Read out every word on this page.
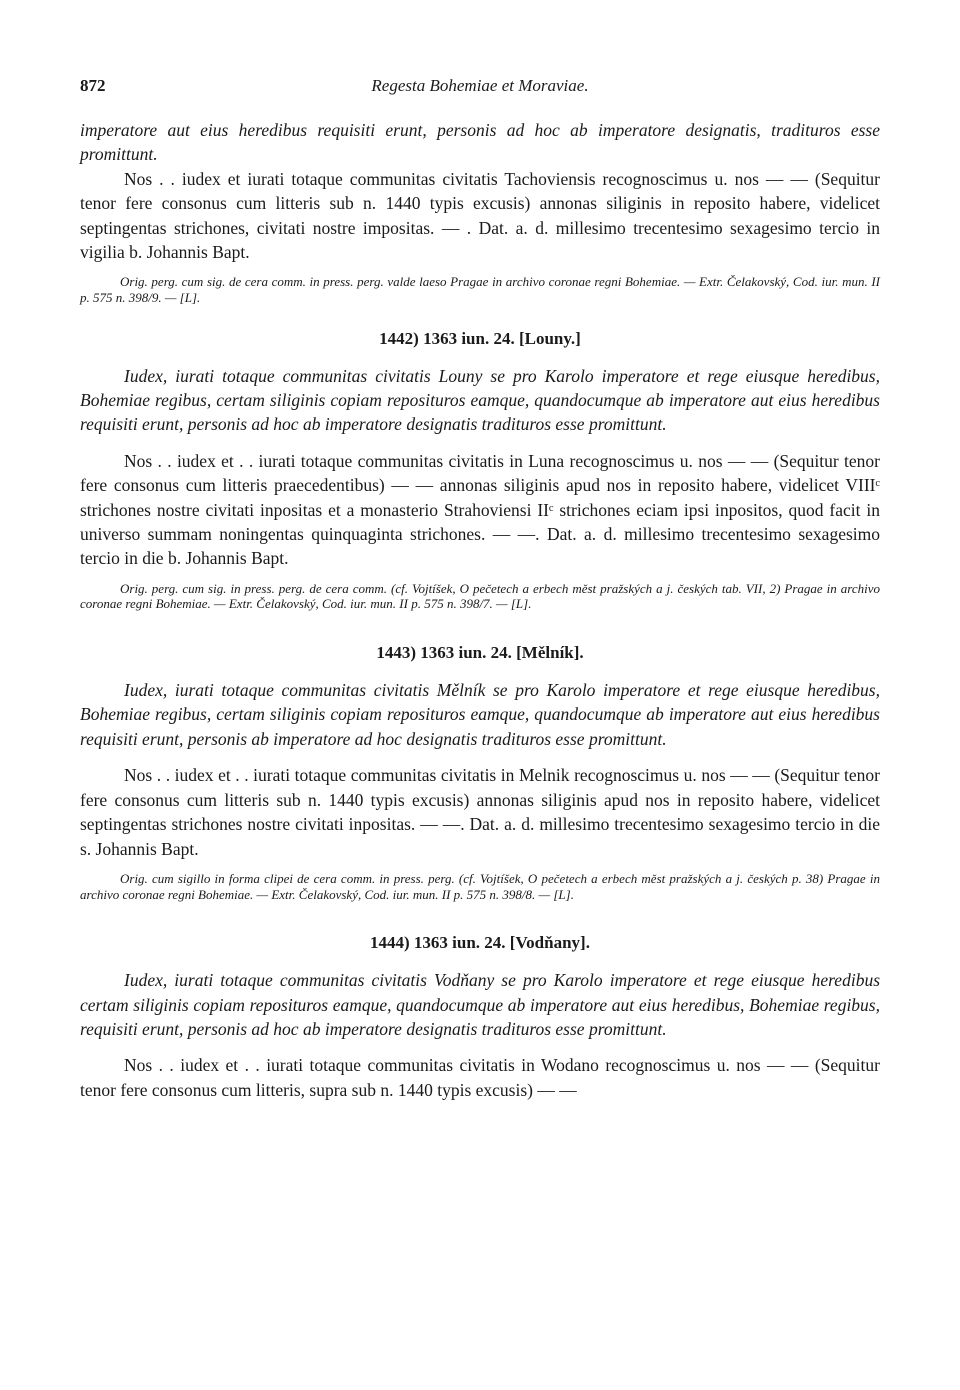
872	Regesta Bohemiae et Moraviae.

imperatore aut eius heredibus requisiti erunt, personis ad hoc ab imperatore designatis, tradituros esse promittunt.

Nos . . iudex et iurati totaque communitas civitatis Tachoviensis recognoscimus u. nos — — (Sequitur tenor fere consonus cum litteris sub n. 1440 typis excusis) annonas siliginis in reposito habere, videlicet septingentas strichones, civitati nostre impositas. — . Dat. a. d. millesimo trecentesimo sexagesimo tercio in vigilia b. Johannis Bapt.

Orig. perg. cum sig. de cera comm. in press. perg. valde laeso Pragae in archivo coronae regni Bohemiae. — Extr. Čelakovský, Cod. iur. mun. II p. 575 n. 398/9. — [L].

1442) 1363 iun. 24. [Louny.]

Iudex, iurati totaque communitas civitatis Louny se pro Karolo imperatore et rege eiusque heredibus, Bohemiae regibus, certam siliginis copiam reposituros eamque, quandocumque ab imperatore aut eius heredibus requisiti erunt, personis ad hoc ab imperatore designatis tradituros esse promittunt.

Nos . . iudex et . . iurati totaque communitas civitatis in Luna recognoscimus u. nos — — (Sequitur tenor fere consonus cum litteris praecedentibus) — — annonas siliginis apud nos in reposito habere, videlicet VIIIᶜ strichones nostre civitati inpositas et a monasterio Strahoviensi IIᶜ strichones eciam ipsi inpositos, quod facit in universo summam noningentas quinquaginta strichones. — —. Dat. a. d. millesimo trecentesimo sexagesimo tercio in die b. Johannis Bapt.

Orig. perg. cum sig. in press. perg. de cera comm. (cf. Vojtíšek, O pečetech a erbech měst pražských a j. českých tab. VII, 2) Pragae in archivo coronae regni Bohemiae. — Extr. Čelakovský, Cod. iur. mun. II p. 575 n. 398/7. — [L].

1443) 1363 iun. 24. [Mělník].

Iudex, iurati totaque communitas civitatis Mělník se pro Karolo imperatore et rege eiusque heredibus, Bohemiae regibus, certam siliginis copiam reposituros eamque, quandocumque ab imperatore aut eius heredibus requisiti erunt, personis ab imperatore ad hoc designatis tradituros esse promittunt.

Nos . . iudex et . . iurati totaque communitas civitatis in Melnik recognoscimus u. nos — — (Sequitur tenor fere consonus cum litteris sub n. 1440 typis excusis) annonas siliginis apud nos in reposito habere, videlicet septingentas strichones nostre civitati inpositas. — —. Dat. a. d. millesimo trecentesimo sexagesimo tercio in die s. Johannis Bapt.

Orig. cum sigillo in forma clipei de cera comm. in press. perg. (cf. Vojtíšek, O pečetech a erbech měst pražských a j. českých p. 38) Pragae in archivo coronae regni Bohemiae. — Extr. Čelakovský, Cod. iur. mun. II p. 575 n. 398/8. — [L].

1444) 1363 iun. 24. [Vodňany].

Iudex, iurati totaque communitas civitatis Vodňany se pro Karolo imperatore et rege eiusque heredibus certam siliginis copiam reposituros eamque, quandocumque ab imperatore aut eius heredibus, Bohemiae regibus, requisiti erunt, personis ad hoc ab imperatore designatis tradituros esse promittunt.

Nos . . iudex et . . iurati totaque communitas civitatis in Wodano recognoscimus u. nos — — (Sequitur tenor fere consonus cum litteris, supra sub n. 1440 typis excusis) — —
